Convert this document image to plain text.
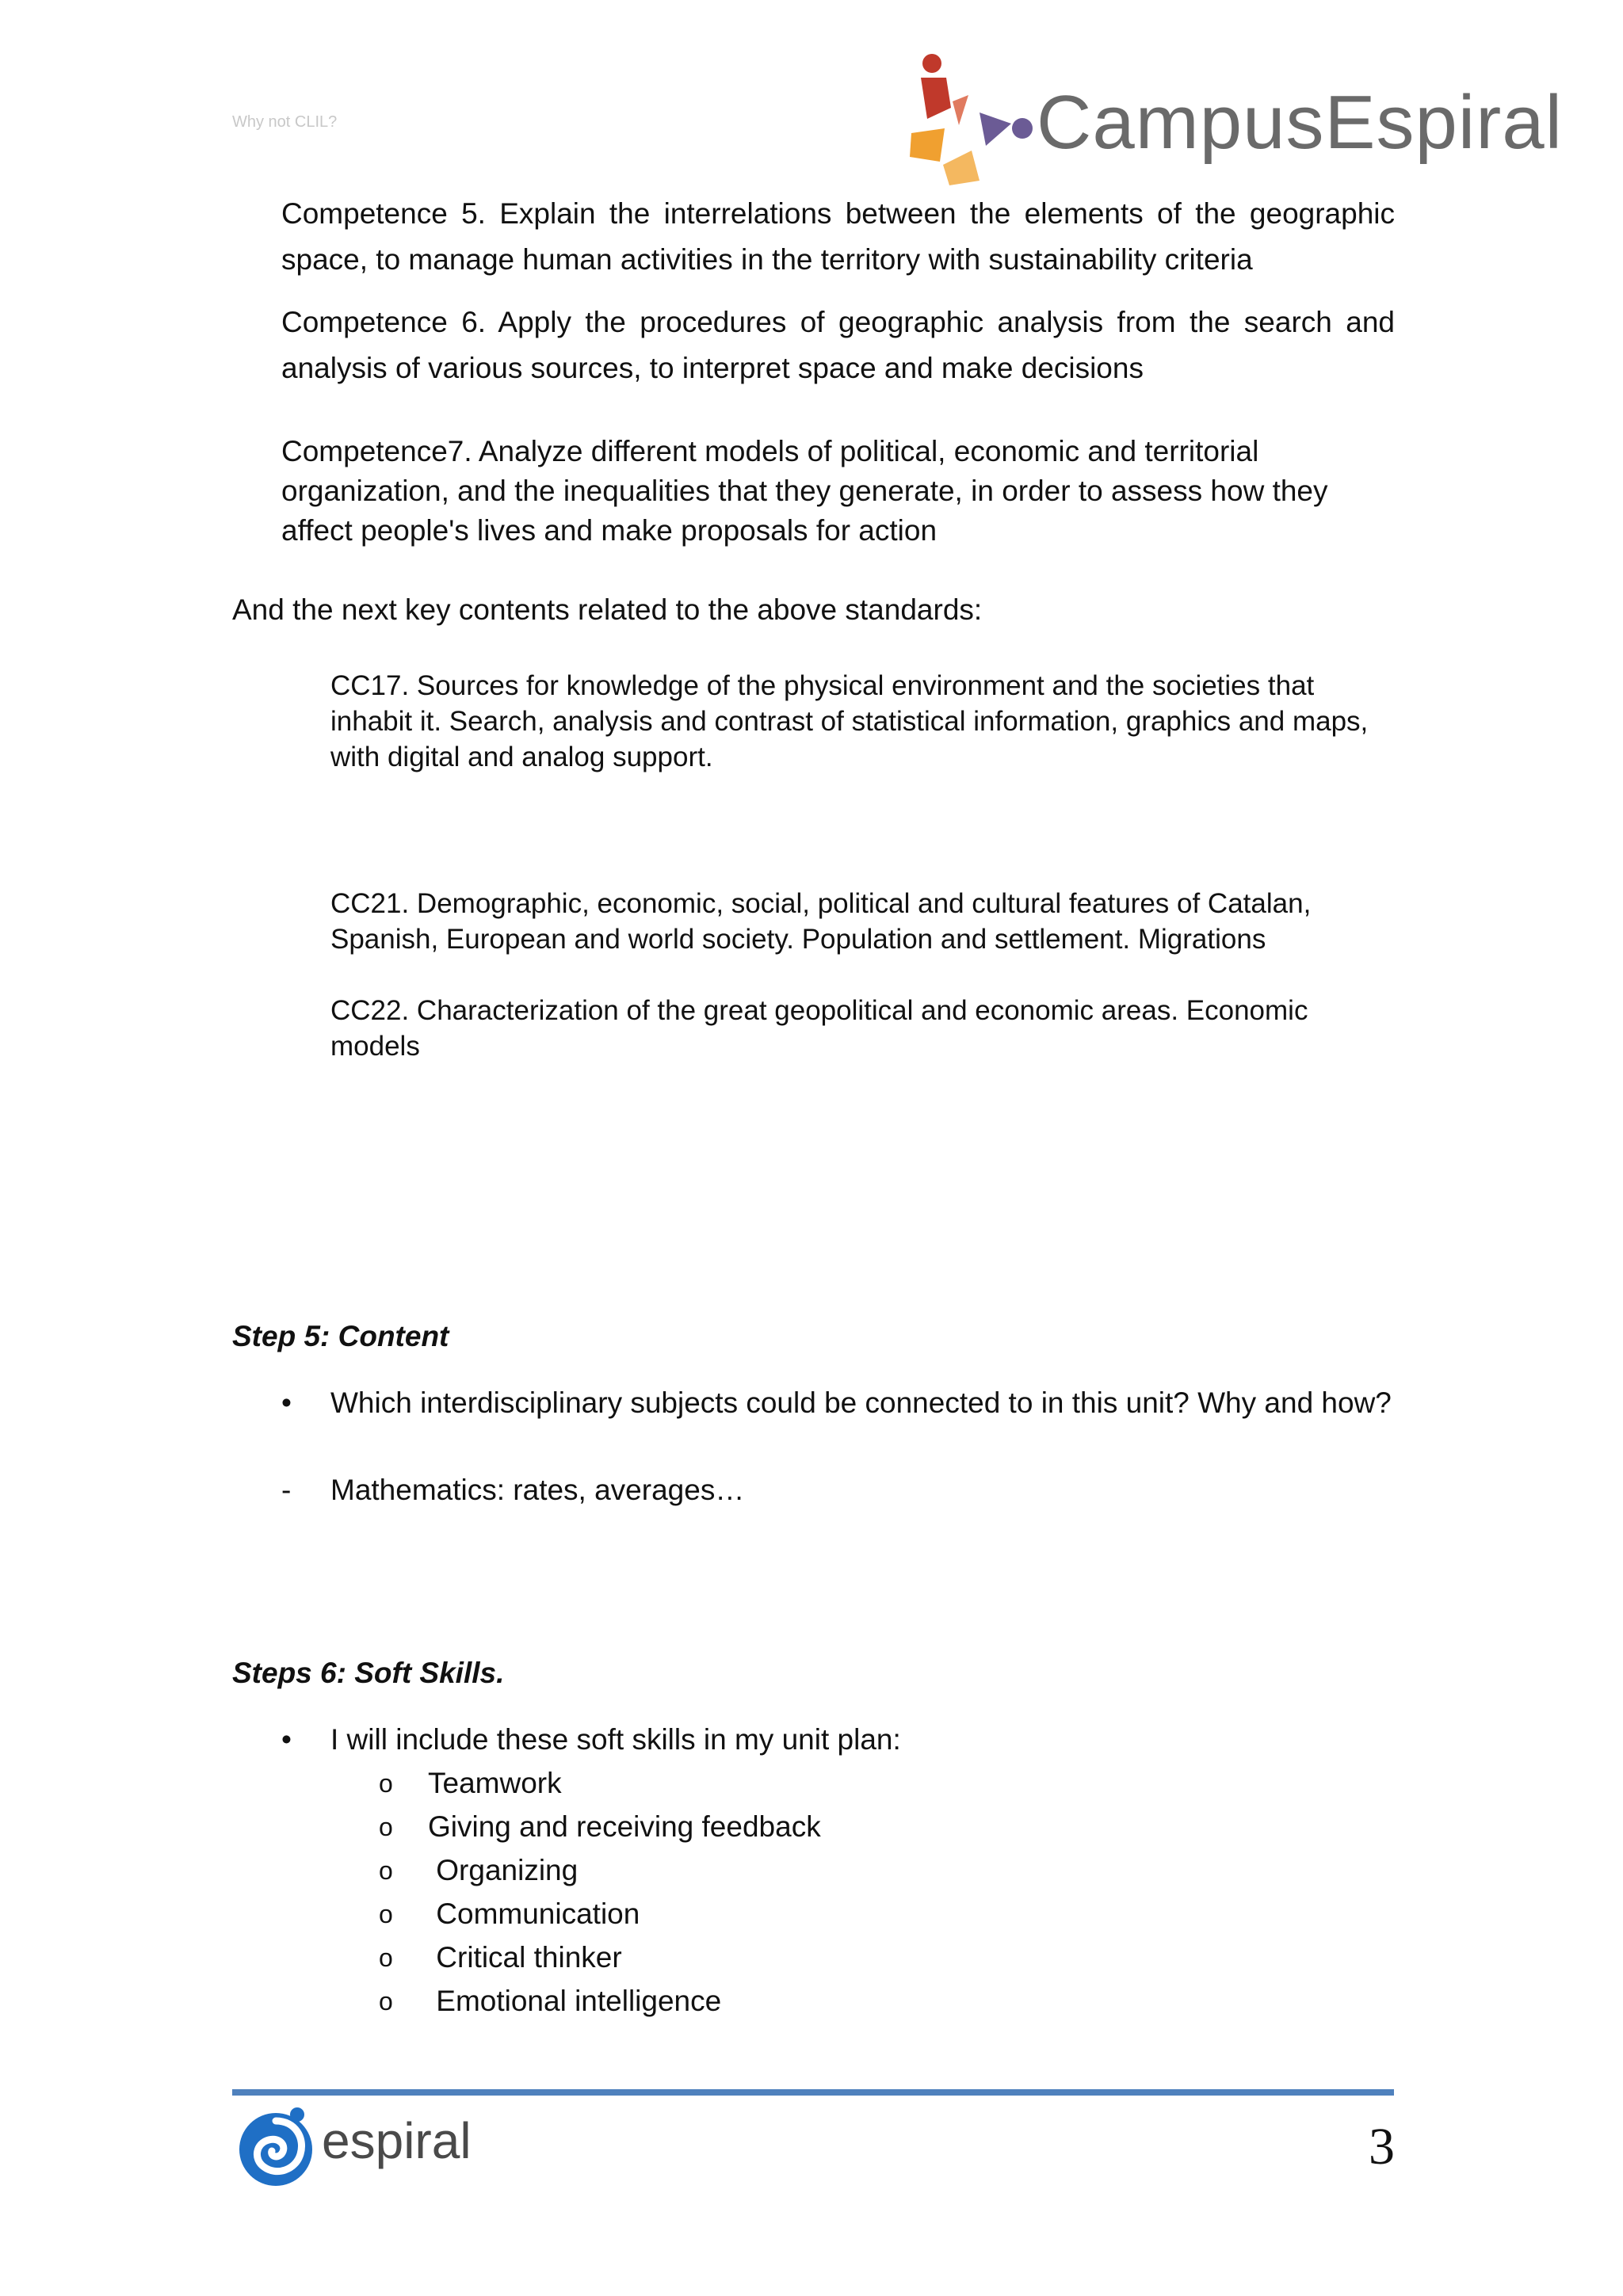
Why not CLIL?	CampusEspiral
Competence 5. Explain the interrelations between the elements of the geographic space, to manage human activities in the territory with sustainability criteria
Competence 6. Apply the procedures of geographic analysis from the search and analysis of various sources, to interpret space and make decisions
Competence7. Analyze different models of political, economic and territorial organization, and the inequalities that they generate, in order to assess how they affect people's lives and make proposals for action
And the next key contents related to the above standards:
CC17. Sources for knowledge of the physical environment and the societies that inhabit it. Search, analysis and contrast of statistical information, graphics and maps, with digital and analog support.
CC21. Demographic, economic, social, political and cultural features of Catalan, Spanish, European and world society. Population and settlement. Migrations
CC22. Characterization of the great geopolitical and economic areas. Economic models
Step 5: Content
•	Which interdisciplinary subjects could be connected to in this unit? Why and how?
-	Mathematics: rates, averages…
Steps 6: Soft Skills.
•	I will include these soft skills in my unit plan:
o Teamwork
o Giving and receiving feedback
o Organizing
o Communication
o Critical thinker
o Emotional intelligence
espiral	3
